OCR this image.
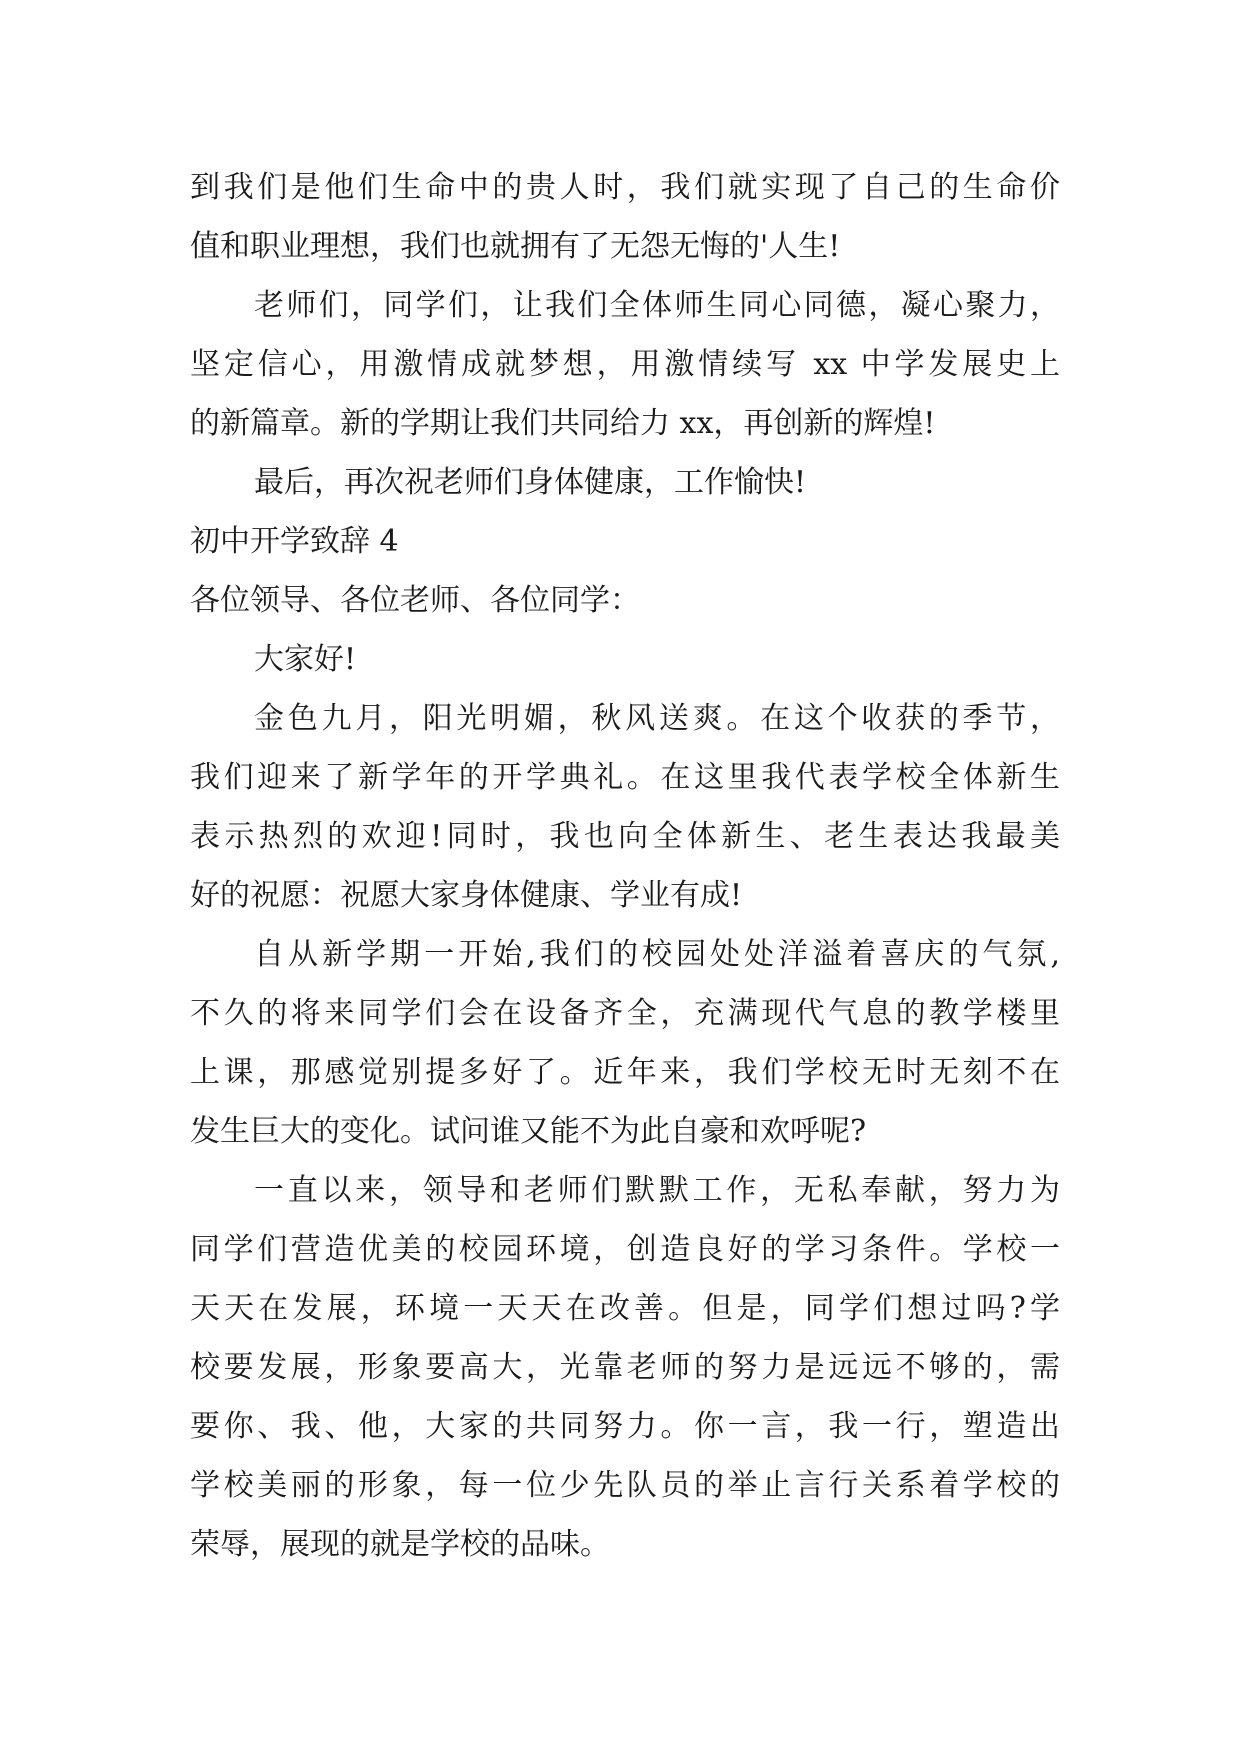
到我们是他们生命中的贵人时，我们就实现了自己的生命价
值和职业理想，我们也就拥有了无怨无悔的'人生!
老师们，同学们，让我们全体师生同心同德，凝心聚力，
坚定信心，用激情成就梦想，用激情续写 xx 中学发展史上
的新篇章。新的学期让我们共同给力 xx，再创新的辉煌!
最后，再次祝老师们身体健康，工作愉快!
初中开学致辞 4
各位领导、各位老师、各位同学：
大家好!
金色九月，阳光明媚，秋风送爽。在这个收获的季节，
我们迎来了新学年的开学典礼。在这里我代表学校全体新生
表示热烈的欢迎!同时，我也向全体新生、老生表达我最美
好的祝愿：祝愿大家身体健康、学业有成!
自从新学期一开始,我们的校园处处洋溢着喜庆的气氛,
不久的将来同学们会在设备齐全，充满现代气息的教学楼里
上课，那感觉别提多好了。近年来，我们学校无时无刻不在
发生巨大的变化。试问谁又能不为此自豪和欢呼呢?
一直以来，领导和老师们默默工作，无私奉献，努力为
同学们营造优美的校园环境，创造良好的学习条件。学校一
天天在发展，环境一天天在改善。但是，同学们想过吗?学
校要发展，形象要高大，光靠老师的努力是远远不够的，需
要你、我、他，大家的共同努力。你一言，我一行，塑造出
学校美丽的形象，每一位少先队员的举止言行关系着学校的
荣辱，展现的就是学校的品味。
